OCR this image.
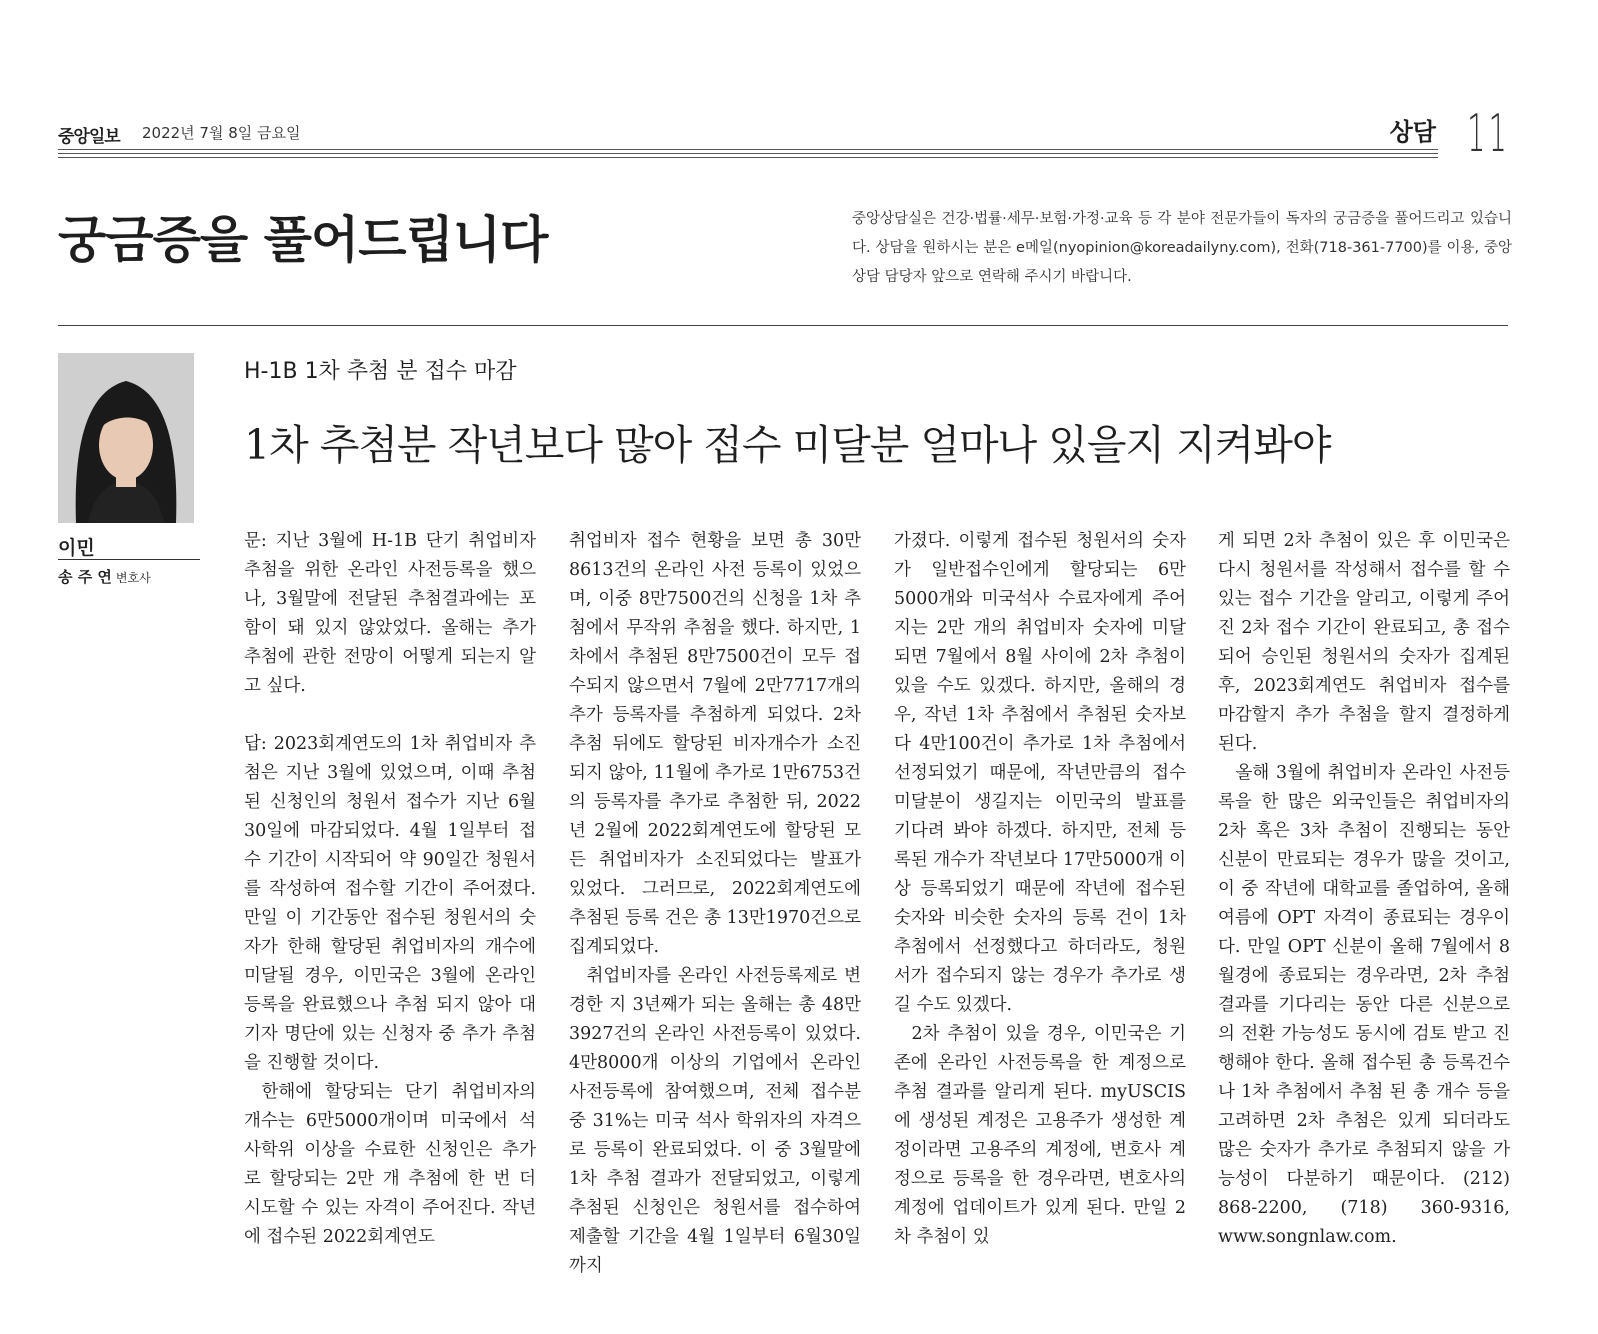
중앙일보 2022년 7월 8일 금요일	상담 11
궁금증을 풀어드립니다	중앙상담실은 건강·법률·세무·보험·가정·교육 등 각 분야 전문가들이 독자의 궁금증을 풀어드리고 있습니다. 상담을 원하시는 분은 e메일(nyopinion@koreadailyny.com), 전화(718-361-7700)를 이용, 중앙상담 담당자 앞으로 연락해 주시기 바랍니다.
이민
송 주 연 변호사
H-1B 1차 추첨 분 접수 마감
1차 추첨분 작년보다 많아 접수 미달분 얼마나 있을지 지켜봐야

문: 지난 3월에 H-1B 단기 취업비자 추첨을 위한 온라인 사전등록을 했으나, 3월말에 전달된 추첨결과에는 포함이 돼 있지 않았었다. 올해는 추가 추첨에 관한 전망이 어떻게 되는지 알고 싶다.

답: 2023회계연도의 1차 취업비자 추첨은 지난 3월에 있었으며, 이때 추첨 된 신청인의 청원서 접수가 지난 6월 30일에 마감되었다. 4월 1일부터 접수 기간이 시작되어 약 90일간 청원서를 작성하여 접수할 기간이 주어졌다. 만일 이 기간동안 접수된 청원서의 숫자가 한해 할당된 취업비자의 개수에 미달될 경우, 이민국은 3월에 온라인 등록을 완료했으나 추첨 되지 않아 대기자 명단에 있는 신청자 중 추가 추첨을 진행할 것이다.

한해에 할당되는 단기 취업비자의 개수는 6만5000개이며 미국에서 석사학위 이상을 수료한 신청인은 추가로 할당되는 2만 개 추첨에 한 번 더 시도할 수 있는 자격이 주어진다. 작년에 접수된 2022회계연도

취업비자 접수 현황을 보면 총 30만8613건의 온라인 사전 등록이 있었으며, 이중 8만7500건의 신청을 1차 추첨에서 무작위 추첨을 했다. 하지만, 1차에서 추첨된 8만7500건이 모두 접수되지 않으면서 7월에 2만7717개의 추가 등록자를 추첨하게 되었다. 2차 추첨 뒤에도 할당된 비자개수가 소진되지 않아, 11월에 추가로 1만6753건의 등록자를 추가로 추첨한 뒤, 2022년 2월에 2022회계연도에 할당된 모든 취업비자가 소진되었다는 발표가 있었다. 그러므로, 2022회계연도에 추첨된 등록 건은 총 13만1970건으로 집계되었다.

취업비자를 온라인 사전등록제로 변경한 지 3년째가 되는 올해는 총 48만3927건의 온라인 사전등록이 있었다. 4만8000개 이상의 기업에서 온라인 사전등록에 참여했으며, 전체 접수분 중 31%는 미국 석사 학위자의 자격으로 등록이 완료되었다. 이 중 3월말에 1차 추첨 결과가 전달되었고, 이렇게 추첨된 신청인은 청원서를 접수하여 제출할 기간을 4월 1일부터 6월30일까지

가졌다. 이렇게 접수된 청원서의 숫자가 일반접수인에게 할당되는 6만5000개와 미국석사 수료자에게 주어지는 2만 개의 취업비자 숫자에 미달되면 7월에서 8월 사이에 2차 추첨이 있을 수도 있겠다. 하지만, 올해의 경우, 작년 1차 추첨에서 추첨된 숫자보다 4만100건이 추가로 1차 추첨에서 선정되었기 때문에, 작년만큼의 접수 미달분이 생길지는 이민국의 발표를 기다려 봐야 하겠다. 하지만, 전체 등록된 개수가 작년보다 17만5000개 이상 등록되었기 때문에 작년에 접수된 숫자와 비슷한 숫자의 등록 건이 1차 추첨에서 선정했다고 하더라도, 청원서가 접수되지 않는 경우가 추가로 생길 수도 있겠다.

2차 추첨이 있을 경우, 이민국은 기존에 온라인 사전등록을 한 계정으로 추첨 결과를 알리게 된다. myUSCIS에 생성된 계정은 고용주가 생성한 계정이라면 고용주의 계정에, 변호사 계정으로 등록을 한 경우라면, 변호사의 계정에 업데이트가 있게 된다. 만일 2차 추첨이 있

게 되면 2차 추첨이 있은 후 이민국은 다시 청원서를 작성해서 접수를 할 수 있는 접수 기간을 알리고, 이렇게 주어진 2차 접수 기간이 완료되고, 총 접수되어 승인된 청원서의 숫자가 집계된 후, 2023회계연도 취업비자 접수를 마감할지 추가 추첨을 할지 결정하게 된다.

올해 3월에 취업비자 온라인 사전등록을 한 많은 외국인들은 취업비자의 2차 혹은 3차 추첨이 진행되는 동안 신분이 만료되는 경우가 많을 것이고, 이 중 작년에 대학교를 졸업하여, 올해 여름에 OPT 자격이 종료되는 경우이다. 만일 OPT 신분이 올해 7월에서 8월경에 종료되는 경우라면, 2차 추첨 결과를 기다리는 동안 다른 신분으로의 전환 가능성도 동시에 검토 받고 진행해야 한다. 올해 접수된 총 등록건수나 1차 추첨에서 추첨 된 총 개수 등을 고려하면 2차 추첨은 있게 되더라도 많은 숫자가 추가로 추첨되지 않을 가능성이 다분하기 때문이다. (212) 868-2200, (718) 360-9316, www.songnlaw.com.
